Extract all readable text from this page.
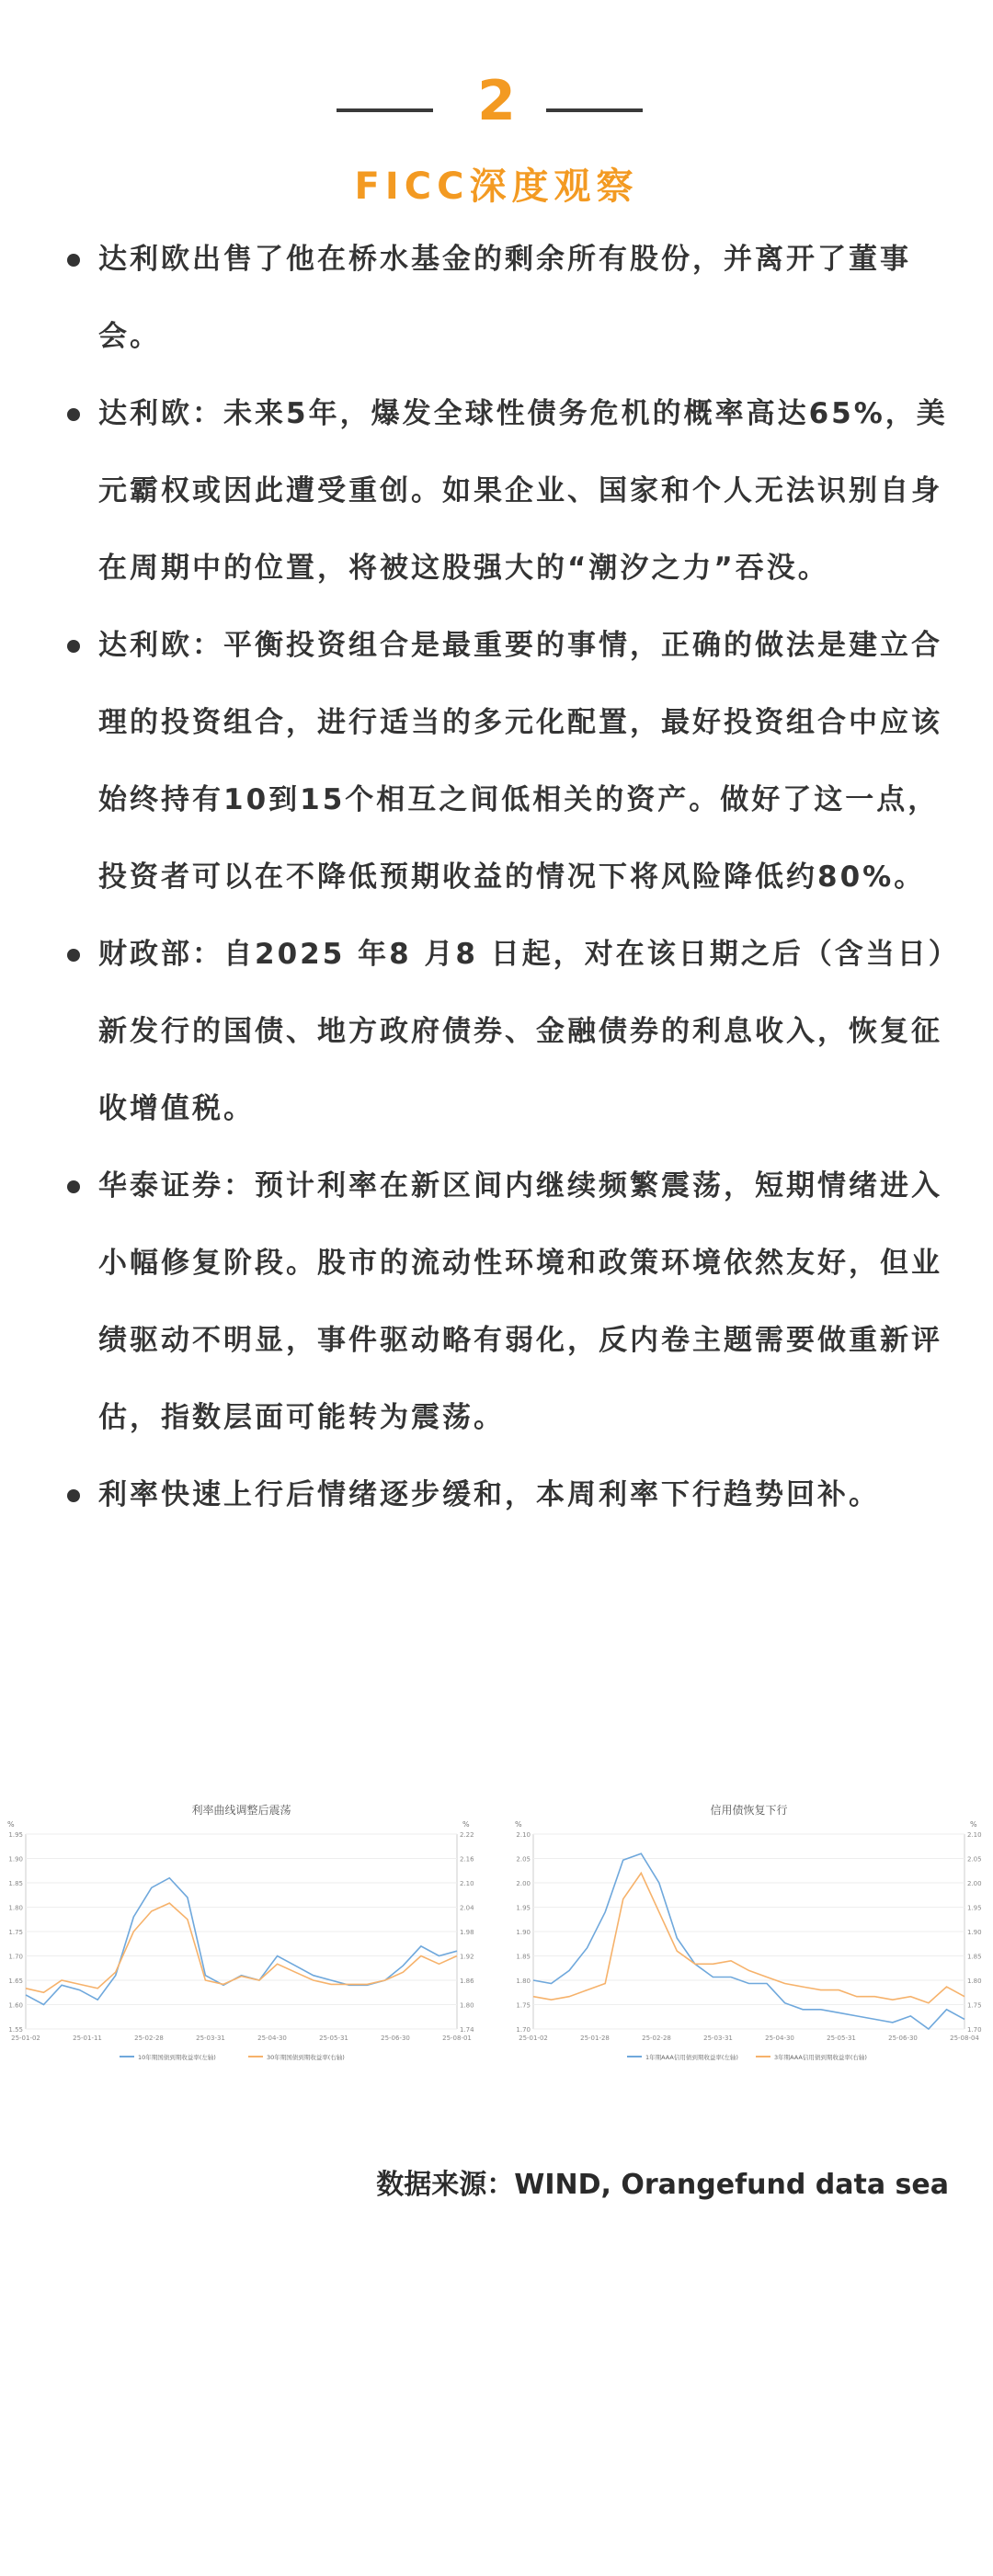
2
FICC深度观察
达利欧出售了他在桥水基金的剩余所有股份，并离开了董事会。
达利欧：未来5年，爆发全球性债务危机的概率高达65%，美元霸权或因此遭受重创。如果企业、国家和个人无法识别自身在周期中的位置，将被这股强大的“潮汐之力”吞没。
达利欧：平衡投资组合是最重要的事情，正确的做法是建立合理的投资组合，进行适当的多元化配置，最好投资组合中应该始终持有10到15个相互之间低相关的资产。做好了这一点，投资者可以在不降低预期收益的情况下将风险降低约80%。
财政部：自2025 年8 月8 日起，对在该日期之后（含当日）新发行的国债、地方政府债券、金融债券的利息收入，恢复征收增值税。
华泰证券：预计利率在新区间内继续频繁震荡，短期情绪进入小幅修复阶段。股市的流动性环境和政策环境依然友好，但业绩驱动不明显，事件驱动略有弱化，反内卷主题需要做重新评估，指数层面可能转为震荡。
利率快速上行后情绪逐步缓和，本周利率下行趋势回补。
利率曲线调整后震荡
%	%
1.55
1.60
1.65
1.70
1.75
1.80
1.85
1.90
1.95
1.74
1.80
1.86
1.92
1.98
2.04
2.10
2.16
2.22
25-01-02	25-01-11	25-02-28	25-03-31	25-04-30	25-05-31	25-06-30	25-08-01
10年期国债到期收益率(左轴)	30年期国债到期收益率(右轴)
信用债恢复下行
%	%
1.70
1.75
1.80
1.85
1.90
1.95
2.00
2.05
2.10
1.70
1.75
1.80
1.85
1.90
1.95
2.00
2.05
2.10
25-01-02	25-01-28	25-02-28	25-03-31	25-04-30	25-05-31	25-06-30	25-08-04
1年期AAA信用债到期收益率(左轴)	3年期AAA信用债到期收益率(右轴)
数据来源：WIND, Orangefund data sea
